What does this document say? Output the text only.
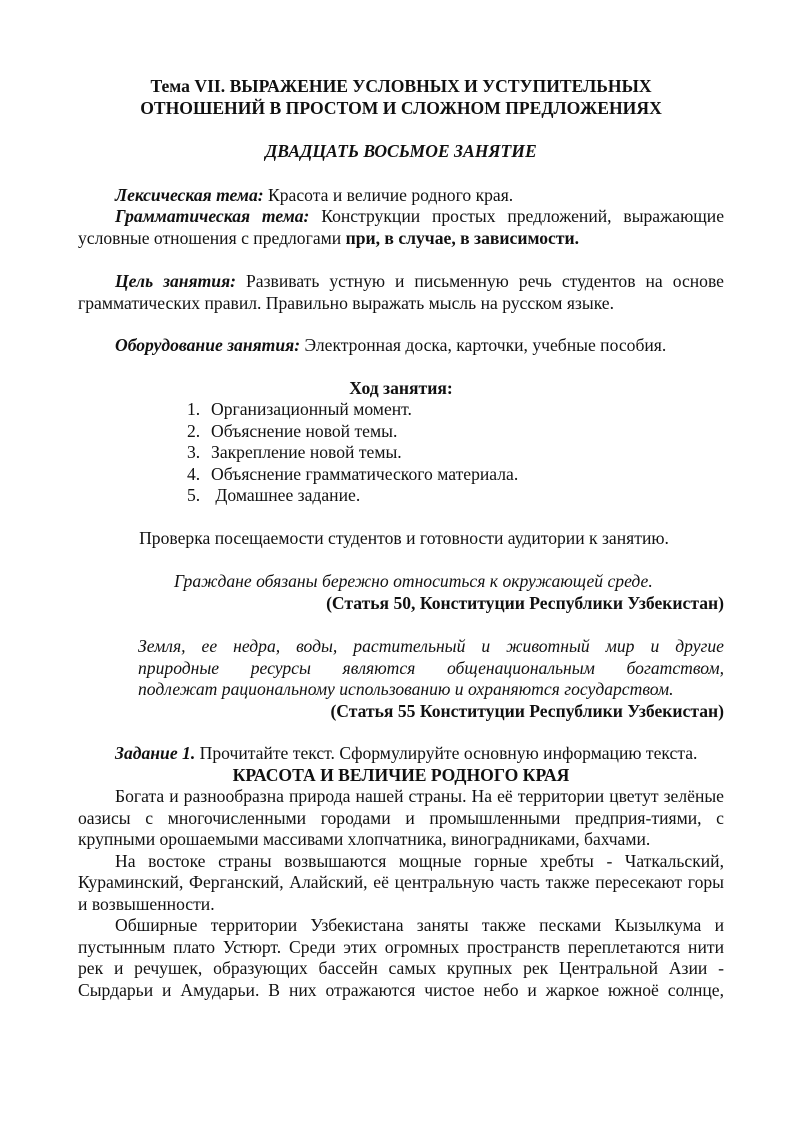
Тема VII. ВЫРАЖЕНИЕ УСЛОВНЫХ И УСТУПИТЕЛЬНЫХ
ОТНОШЕНИЙ В ПРОСТОМ И СЛОЖНОМ ПРЕДЛОЖЕНИЯХ

ДВАДЦАТЬ ВОСЬМОЕ ЗАНЯТИЕ

Лексическая тема: Красота и величие родного края.

Грамматическая тема: Конструкции простых предложений, выражающие условные отношения с предлогами при, в случае, в зависимости.

Цель занятия: Развивать устную и письменную речь студентов на основе грамматических правил. Правильно выражать мысль на русском языке.

Оборудование занятия: Электронная доска, карточки, учебные пособия.

Ход занятия:

1. Организационный момент.
2. Объяснение новой темы.
3. Закрепление новой темы.
4. Объяснение грамматического материала.
5. Домашнее задание.

Проверка посещаемости студентов и готовности аудитории к занятию.

Граждане обязаны бережно относиться к окружающей среде.

(Статья 50, Конституции Республики Узбекистан)

Земля, ее недра, воды, растительный и животный мир и другие

природные ресурсы являются общенациональным богатством,

подлежат рациональному использованию и охраняются государством.

(Статья 55 Конституции Республики Узбекистан)

Задание 1. Прочитайте текст. Сформулируйте основную информацию текста.

КРАСОТА И ВЕЛИЧИЕ РОДНОГО КРАЯ

Богата и разнообразна природа нашей страны. На её территории цветут зелёные оазисы с многочисленными городами и промышленными предприя-тиями, с крупными орошаемыми массивами хлопчатника, виноградниками, бахчами.

На востоке страны возвышаются мощные горные хребты - Чаткальский, Кураминский, Ферганский, Алайский, её центральную часть также пересекают горы и возвышенности.

Обширные территории Узбекистана заняты также песками Кызылкума и пустынным плато Устюрт. Среди этих огромных пространств переплетаются нити рек и речушек, образующих бассейн самых крупных рек Центральной Азии - Сырдарьи и Амударьи. В них отражаются чистое небо и жаркое южноё солнце,
